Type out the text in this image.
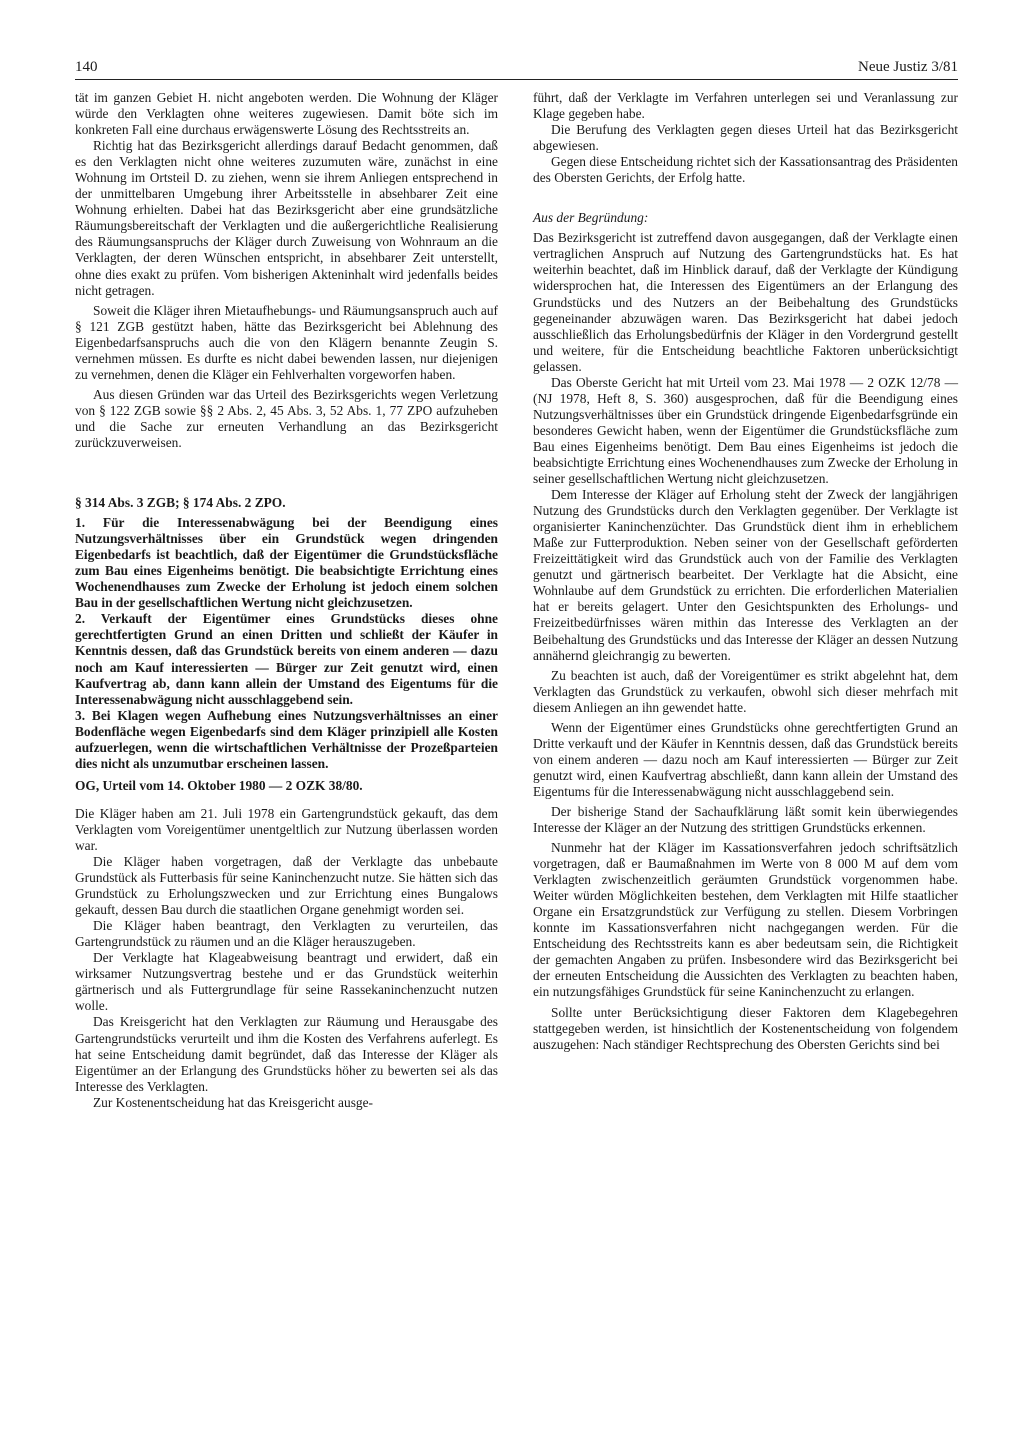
140	Neue Justiz 3/81

tät im ganzen Gebiet H. nicht angeboten werden. Die Wohnung der Kläger würde den Verklagten ohne weiteres zugewiesen. Damit böte sich im konkreten Fall eine durchaus erwägenswerte Lösung des Rechtsstreits an.

Richtig hat das Bezirksgericht allerdings darauf Bedacht genommen, daß es den Verklagten nicht ohne weiteres zuzumuten wäre, zunächst in eine Wohnung im Ortsteil D. zu ziehen, wenn sie ihrem Anliegen entsprechend in der unmittelbaren Umgebung ihrer Arbeitsstelle in absehbarer Zeit eine Wohnung erhielten. Dabei hat das Bezirksgericht aber eine grundsätzliche Räumungsbereitschaft der Verklagten und die außergerichtliche Realisierung des Räumungsanspruchs der Kläger durch Zuweisung von Wohnraum an die Verklagten, der deren Wünschen entspricht, in absehbarer Zeit unterstellt, ohne dies exakt zu prüfen. Vom bisherigen Akteninhalt wird jedenfalls beides nicht getragen.

Soweit die Kläger ihren Mietaufhebungs- und Räumungsanspruch auch auf § 121 ZGB gestützt haben, hätte das Bezirksgericht bei Ablehnung des Eigenbedarfsanspruchs auch die von den Klägern benannte Zeugin S. vernehmen müssen. Es durfte es nicht dabei bewenden lassen, nur diejenigen zu vernehmen, denen die Kläger ein Fehlverhalten vorgeworfen haben.

Aus diesen Gründen war das Urteil des Bezirksgerichts wegen Verletzung von § 122 ZGB sowie §§ 2 Abs. 2, 45 Abs. 3, 52 Abs. 1, 77 ZPO aufzuheben und die Sache zur erneuten Verhandlung an das Bezirksgericht zurückzuverweisen.

§ 314 Abs. 3 ZGB; § 174 Abs. 2 ZPO.

1. Für die Interessenabwägung bei der Beendigung eines Nutzungsverhältnisses über ein Grundstück wegen dringenden Eigenbedarfs ist beachtlich, daß der Eigentümer die Grundstücksfläche zum Bau eines Eigenheims benötigt. Die beabsichtigte Errichtung eines Wochenendhauses zum Zwecke der Erholung ist jedoch einem solchen Bau in der gesellschaftlichen Wertung nicht gleichzusetzen.

2. Verkauft der Eigentümer eines Grundstücks dieses ohne gerechtfertigten Grund an einen Dritten und schließt der Käufer in Kenntnis dessen, daß das Grundstück bereits von einem anderen — dazu noch am Kauf interessierten — Bürger zur Zeit genutzt wird, einen Kaufvertrag ab, dann kann allein der Umstand des Eigentums für die Interessenabwägung nicht ausschlaggebend sein.

3. Bei Klagen wegen Aufhebung eines Nutzungsverhältnisses an einer Bodenfläche wegen Eigenbedarfs sind dem Kläger prinzipiell alle Kosten aufzuerlegen, wenn die wirtschaftlichen Verhältnisse der Prozeßparteien dies nicht als unzumutbar erscheinen lassen.

OG, Urteil vom 14. Oktober 1980 — 2 OZK 38/80.

Die Kläger haben am 21. Juli 1978 ein Gartengrundstück gekauft, das dem Verklagten vom Voreigentümer unentgeltlich zur Nutzung überlassen worden war.

Die Kläger haben vorgetragen, daß der Verklagte das unbebaute Grundstück als Futterbasis für seine Kaninchenzucht nutze. Sie hätten sich das Grundstück zu Erholungszwecken und zur Errichtung eines Bungalows gekauft, dessen Bau durch die staatlichen Organe genehmigt worden sei.

Die Kläger haben beantragt, den Verklagten zu verurteilen, das Gartengrundstück zu räumen und an die Kläger herauszugeben.

Der Verklagte hat Klageabweisung beantragt und erwidert, daß ein wirksamer Nutzungsvertrag bestehe und er das Grundstück weiterhin gärtnerisch und als Futtergrundlage für seine Rassekaninchenzucht nutzen wolle.

Das Kreisgericht hat den Verklagten zur Räumung und Herausgabe des Gartengrundstücks verurteilt und ihm die Kosten des Verfahrens auferlegt. Es hat seine Entscheidung damit begründet, daß das Interesse der Kläger als Eigentümer an der Erlangung des Grundstücks höher zu bewerten sei als das Interesse des Verklagten.

Zur Kostenentscheidung hat das Kreisgericht ausge-

führt, daß der Verklagte im Verfahren unterlegen sei und Veranlassung zur Klage gegeben habe.

Die Berufung des Verklagten gegen dieses Urteil hat das Bezirksgericht abgewiesen.

Gegen diese Entscheidung richtet sich der Kassationsantrag des Präsidenten des Obersten Gerichts, der Erfolg hatte.

Aus der Begründung:

Das Bezirksgericht ist zutreffend davon ausgegangen, daß der Verklagte einen vertraglichen Anspruch auf Nutzung des Gartengrundstücks hat. Es hat weiterhin beachtet, daß im Hinblick darauf, daß der Verklagte der Kündigung widersprochen hat, die Interessen des Eigentümers an der Erlangung des Grundstücks und des Nutzers an der Beibehaltung des Grundstücks gegeneinander abzuwägen waren. Das Bezirksgericht hat dabei jedoch ausschließlich das Erholungsbedürfnis der Kläger in den Vordergrund gestellt und weitere, für die Entscheidung beachtliche Faktoren unberücksichtigt gelassen.

Das Oberste Gericht hat mit Urteil vom 23. Mai 1978 — 2 OZK 12/78 — (NJ 1978, Heft 8, S. 360) ausgesprochen, daß für die Beendigung eines Nutzungsverhältnisses über ein Grundstück dringende Eigenbedarfsgründe ein besonderes Gewicht haben, wenn der Eigentümer die Grundstücksfläche zum Bau eines Eigenheims benötigt. Dem Bau eines Eigenheims ist jedoch die beabsichtigte Errichtung eines Wochenendhauses zum Zwecke der Erholung in seiner gesellschaftlichen Wertung nicht gleichzusetzen.

Dem Interesse der Kläger auf Erholung steht der Zweck der langjährigen Nutzung des Grundstücks durch den Verklagten gegenüber. Der Verklagte ist organisierter Kaninchenzüchter. Das Grundstück dient ihm in erheblichem Maße zur Futterproduktion. Neben seiner von der Gesellschaft geförderten Freizeittätigkeit wird das Grundstück auch von der Familie des Verklagten genutzt und gärtnerisch bearbeitet. Der Verklagte hat die Absicht, eine Wohnlaube auf dem Grundstück zu errichten. Die erforderlichen Materialien hat er bereits gelagert. Unter den Gesichtspunkten des Erholungs- und Freizeitbedürfnisses wären mithin das Interesse des Verklagten an der Beibehaltung des Grundstücks und das Interesse der Kläger an dessen Nutzung annähernd gleichrangig zu bewerten.

Zu beachten ist auch, daß der Voreigentümer es strikt abgelehnt hat, dem Verklagten das Grundstück zu verkaufen, obwohl sich dieser mehrfach mit diesem Anliegen an ihn gewendet hatte.

Wenn der Eigentümer eines Grundstücks ohne gerechtfertigten Grund an Dritte verkauft und der Käufer in Kenntnis dessen, daß das Grundstück bereits von einem anderen — dazu noch am Kauf interessierten — Bürger zur Zeit genutzt wird, einen Kaufvertrag abschließt, dann kann allein der Umstand des Eigentums für die Interessenabwägung nicht ausschlaggebend sein.

Der bisherige Stand der Sachaufklärung läßt somit kein überwiegendes Interesse der Kläger an der Nutzung des strittigen Grundstücks erkennen.

Nunmehr hat der Kläger im Kassationsverfahren jedoch schriftsätzlich vorgetragen, daß er Baumaßnahmen im Werte von 8 000 M auf dem vom Verklagten zwischenzeitlich geräumten Grundstück vorgenommen habe. Weiter würden Möglichkeiten bestehen, dem Verklagten mit Hilfe staatlicher Organe ein Ersatzgrundstück zur Verfügung zu stellen. Diesem Vorbringen konnte im Kassationsverfahren nicht nachgegangen werden. Für die Entscheidung des Rechtsstreits kann es aber bedeutsam sein, die Richtigkeit der gemachten Angaben zu prüfen. Insbesondere wird das Bezirksgericht bei der erneuten Entscheidung die Aussichten des Verklagten zu beachten haben, ein nutzungsfähiges Grundstück für seine Kaninchenzucht zu erlangen.

Sollte unter Berücksichtigung dieser Faktoren dem Klagebegehren stattgegeben werden, ist hinsichtlich der Kostenentscheidung von folgendem auszugehen: Nach ständiger Rechtsprechung des Obersten Gerichts sind bei
